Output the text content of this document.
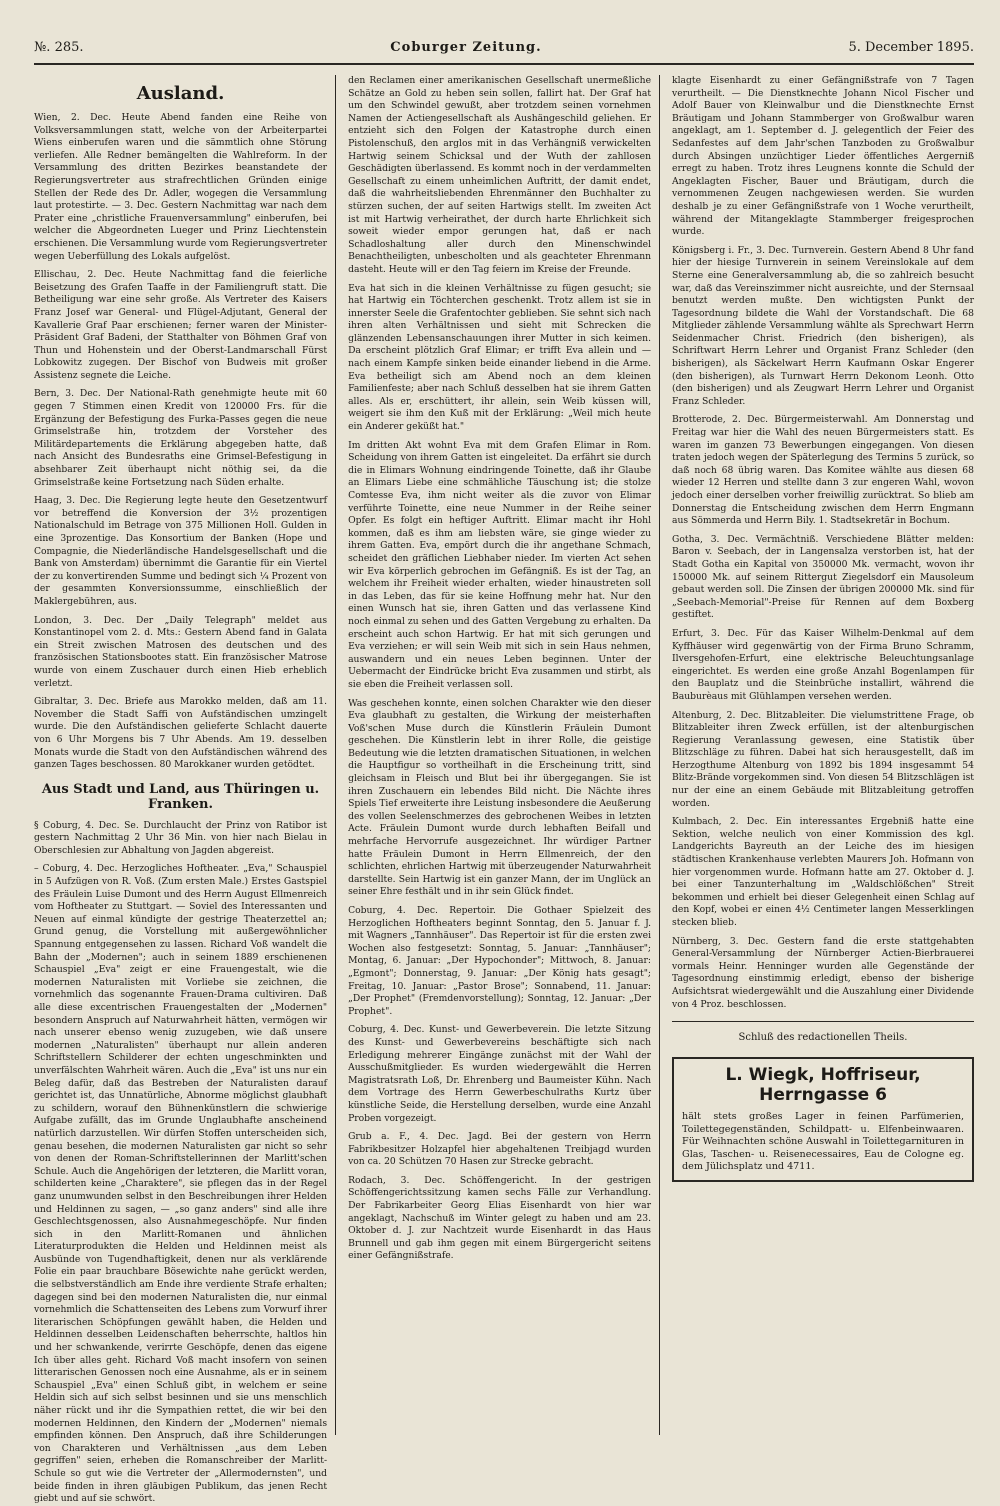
№. 285.	Coburger Zeitung.	5. December 1895.
Ausland.

Wien, 2. Dec. Heute Abend fanden eine Reihe von Volksversammlungen statt, welche von der Arbeiterpartei Wiens einberufen waren und die sämmtlich ohne Störung verliefen. Alle Redner bemängelten die Wahlreform. In der Versammlung des dritten Bezirkes beanstandete der Regierungsvertreter aus strafrechtlichen Gründen einige Stellen der Rede des Dr. Adler, wogegen die Versammlung laut protestirte. — 3. Dec. Gestern Nachmittag war nach dem Prater eine „christliche Frauenversammlung" einberufen, bei welcher die Abgeordneten Lueger und Prinz Liechtenstein erschienen. Die Versammlung wurde vom Regierungsvertreter wegen Ueberfüllung des Lokals aufgelöst.

Ellischau, 2. Dec. Heute Nachmittag fand die feierliche Beisetzung des Grafen Taaffe in der Familiengruft statt. Die Betheiligung war eine sehr große. Als Vertreter des Kaisers Franz Josef war General- und Flügel-Adjutant, General der Kavallerie Graf Paar erschienen; ferner waren der Minister-Präsident Graf Badeni, der Statthalter von Böhmen Graf von Thun und Hohenstein und der Oberst-Landmarschall Fürst Lobkowitz zugegen. Der Bischof von Budweis mit großer Assistenz segnete die Leiche.

Bern, 3. Dec. Der National-Rath genehmigte heute mit 60 gegen 7 Stimmen einen Kredit von 120000 Frs. für die Ergänzung der Befestigung des Furka-Passes gegen die neue Grimselstraße hin, trotzdem der Vorsteher des Militärdepartements die Erklärung abgegeben hatte, daß nach Ansicht des Bundesraths eine Grimsel-Befestigung in absehbarer Zeit überhaupt nicht nöthig sei, da die Grimselstraße keine Fortsetzung nach Süden erhalte.

Haag, 3. Dec. Die Regierung legte heute den Gesetzentwurf vor betreffend die Konversion der 3½ prozentigen Nationalschuld im Betrage von 375 Millionen Holl. Gulden in eine 3prozentige. Das Konsortium der Banken (Hope und Compagnie, die Niederländische Handelsgesellschaft und die Bank von Amsterdam) übernimmt die Garantie für ein Viertel der zu konvertirenden Summe und bedingt sich ¼ Prozent von der gesammten Konversionssumme, einschließlich der Maklergebühren, aus.

London, 3. Dec. Der „Daily Telegraph" meldet aus Konstantinopel vom 2. d. Mts.: Gestern Abend fand in Galata ein Streit zwischen Matrosen des deutschen und des französischen Stationsbootes statt. Ein französischer Matrose wurde von einem Zuschauer durch einen Hieb erheblich verletzt.

Gibraltar, 3. Dec. Briefe aus Marokko melden, daß am 11. November die Stadt Saffi von Aufständischen umzingelt wurde. Die den Aufständischen gelieferte Schlacht dauerte von 6 Uhr Morgens bis 7 Uhr Abends. Am 19. desselben Monats wurde die Stadt von den Aufständischen während des ganzen Tages beschossen. 80 Marokkaner wurden getödtet.

Aus Stadt und Land, aus Thüringen u. Franken.

§ Coburg, 4. Dec. Se. Durchlaucht der Prinz von Ratibor ist gestern Nachmittag 2 Uhr 36 Min. von hier nach Bielau in Oberschlesien zur Abhaltung von Jagden abgereist.

– Coburg, 4. Dec. Herzogliches Hoftheater. „Eva," Schauspiel in 5 Aufzügen von R. Voß. (Zum ersten Male.) Erstes Gastspiel des Fräulein Luise Dumont und des Herrn August Ellmenreich vom Hoftheater zu Stuttgart. — Soviel des Interessanten und Neuen auf einmal kündigte der gestrige Theaterzettel an; Grund genug, die Vorstellung mit außergewöhnlicher Spannung entgegensehen zu lassen. Richard Voß wandelt die Bahn der „Modernen"; auch in seinem 1889 erschienenen Schauspiel „Eva" zeigt er eine Frauengestalt, wie die modernen Naturalisten mit Vorliebe sie zeichnen, die vornehmlich das sogenannte Frauen-Drama cultiviren. Daß alle diese excentrischen Frauengestalten der „Modernen" besondern Anspruch auf Naturwahrheit hätten, vermögen wir nach unserer ebenso wenig zuzugeben, wie daß unsere modernen „Naturalisten" überhaupt nur allein anderen Schriftstellern Schilderer der echten ungeschminkten und unverfälschten Wahrheit wären. Auch die „Eva" ist uns nur ein Beleg dafür, daß das Bestreben der Naturalisten darauf gerichtet ist, das Unnatürliche, Abnorme möglichst glaubhaft zu schildern, worauf den Bühnenkünstlern die schwierige Aufgabe zufällt, das im Grunde Unglaubhafte anscheinend natürlich darzustellen. Wir dürfen Stoffen unterscheiden sich, genau besehen, die modernen Naturalisten gar nicht so sehr von denen der Roman-Schriftstellerinnen der Marlitt'schen Schule. Auch die Angehörigen der letzteren, die Marlitt voran, schilderten keine „Charaktere", sie pflegen das in der Regel ganz unumwunden selbst in den Beschreibungen ihrer Helden und Heldinnen zu sagen, — „so ganz anders" sind alle ihre Geschlechtsgenossen, also Ausnahmegeschöpfe. Nur finden sich in den Marlitt-Romanen und ähnlichen Literaturprodukten die Helden und Heldinnen meist als Ausbünde von Tugendhaftigkeit, denen nur als verklärende Folie ein paar brauchbare Bösewichte nahe gerückt werden, die selbstverständlich am Ende ihre verdiente Strafe erhalten; dagegen sind bei den modernen Naturalisten die, nur einmal vornehmlich die Schattenseiten des Lebens zum Vorwurf ihrer literarischen Schöpfungen gewählt haben, die Helden und Heldinnen desselben Leidenschaften beherrschte, haltlos hin und her schwankende, verirrte Geschöpfe, denen das eigene Ich über alles geht. Richard Voß macht insofern von seinen litterarischen Genossen noch eine Ausnahme, als er in seinem Schauspiel „Eva" einen Schluß gibt, in welchem er seine Heldin sich auf sich selbst besinnen und sie uns menschlich näher rückt und ihr die Sympathien rettet, die wir bei den modernen Heldinnen, den Kindern der „Modernen" niemals empfinden können. Den Anspruch, daß ihre Schilderungen von Charakteren und Verhältnissen „aus dem Leben gegriffen" seien, erheben die Romanschreiber der Marlitt-Schule so gut wie die Vertreter der „Allermodernsten", und beide finden in ihren gläubigen Publikum, das jenen Recht giebt und auf sie schwört.

den Reclamen einer amerikanischen Gesellschaft unermeßliche Schätze an Gold zu heben sein sollen, fallirt hat. Der Graf hat um den Schwindel gewußt, aber trotzdem seinen vornehmen Namen der Actiengesellschaft als Aushängeschild geliehen. Er entzieht sich den Folgen der Katastrophe durch einen Pistolenschuß, den arglos mit in das Verhängniß verwickelten Hartwig seinem Schicksal und der Wuth der zahllosen Geschädigten überlassend. Es kommt noch in der verdammelten Gesellschaft zu einem unheimlichen Auftritt, der damit endet, daß die wahrheitsliebenden Ehrenmänner den Buchhalter zu stürzen suchen, der auf seiten Hartwigs stellt. Im zweiten Act ist mit Hartwig verheirathet, der durch harte Ehrlichkeit sich soweit wieder empor gerungen hat, daß er nach Schadloshaltung aller durch den Minenschwindel Benachtheiligten, unbescholten und als geachteter Ehrenmann dasteht. Heute will er den Tag feiern im Kreise der Freunde.

Eva hat sich in die kleinen Verhältnisse zu fügen gesucht; sie hat Hartwig ein Töchterchen geschenkt. Trotz allem ist sie in innerster Seele die Grafentochter geblieben. Sie sehnt sich nach ihren alten Verhältnissen und sieht mit Schrecken die glänzenden Lebensanschauungen ihrer Mutter in sich keimen. Da erscheint plötzlich Graf Elimar; er trifft Eva allein und — nach einem Kampfe sinken beide einander liebend in die Arme. Eva betheiligt sich am Abend noch an dem kleinen Familienfeste; aber nach Schluß desselben hat sie ihrem Gatten alles. Als er, erschüttert, ihr allein, sein Weib küssen will, weigert sie ihm den Kuß mit der Erklärung: „Weil mich heute ein Anderer geküßt hat."

Im dritten Akt wohnt Eva mit dem Grafen Elimar in Rom. Scheidung von ihrem Gatten ist eingeleitet. Da erfährt sie durch die in Elimars Wohnung eindringende Toinette, daß ihr Glaube an Elimars Liebe eine schmähliche Täuschung ist; die stolze Comtesse Eva, ihm nicht weiter als die zuvor von Elimar verführte Toinette, eine neue Nummer in der Reihe seiner Opfer. Es folgt ein heftiger Auftritt. Elimar macht ihr Hohl kommen, daß es ihm am liebsten wäre, sie ginge wieder zu ihrem Gatten. Eva, empört durch die ihr angethane Schmach, scheidet den gräflichen Liebhaber nieder. Im vierten Act sehen wir Eva körperlich gebrochen im Gefängniß. Es ist der Tag, an welchem ihr Freiheit wieder erhalten, wieder hinaustreten soll in das Leben, das für sie keine Hoffnung mehr hat. Nur den einen Wunsch hat sie, ihren Gatten und das verlassene Kind noch einmal zu sehen und des Gatten Vergebung zu erhalten. Da erscheint auch schon Hartwig. Er hat mit sich gerungen und Eva verziehen; er will sein Weib mit sich in sein Haus nehmen, auswandern und ein neues Leben beginnen. Unter der Uebermacht der Eindrücke bricht Eva zusammen und stirbt, als sie eben die Freiheit verlassen soll.

Was geschehen konnte, einen solchen Charakter wie den dieser Eva glaubhaft zu gestalten, die Wirkung der meisterhaften Voß'schen Muse durch die Künstlerin Fräulein Dumont geschehen. Die Künstlerin lebt in ihrer Rolle, die geistige Bedeutung wie die letzten dramatischen Situationen, in welchen die Hauptfigur so vortheilhaft in die Erscheinung tritt, sind gleichsam in Fleisch und Blut bei ihr übergegangen. Sie ist ihren Zuschauern ein lebendes Bild nicht. Die Nächte ihres Spiels Tief erweiterte ihre Leistung insbesondere die Aeußerung des vollen Seelenschmerzes des gebrochenen Weibes in letzten Acte. Fräulein Dumont wurde durch lebhaften Beifall und mehrfache Hervorrufe ausgezeichnet. Ihr würdiger Partner hatte Fräulein Dumont in Herrn Ellmenreich, der den schlichten, ehrlichen Hartwig mit überzeugender Naturwahrheit darstellte. Sein Hartwig ist ein ganzer Mann, der im Unglück an seiner Ehre festhält und in ihr sein Glück findet.

Coburg, 4. Dec. Repertoir. Die Gothaer Spielzeit des Herzoglichen Hoftheaters beginnt Sonntag, den 5. Januar f. J. mit Wagners „Tannhäuser". Das Repertoir ist für die ersten zwei Wochen also festgesetzt: Sonntag, 5. Januar: „Tannhäuser"; Montag, 6. Januar: „Der Hypochonder"; Mittwoch, 8. Januar: „Egmont"; Donnerstag, 9. Januar: „Der König hats gesagt"; Freitag, 10. Januar: „Pastor Brose"; Sonnabend, 11. Januar: „Der Prophet" (Fremdenvorstellung); Sonntag, 12. Januar: „Der Prophet".

Coburg, 4. Dec. Kunst- und Gewerbeverein. Die letzte Sitzung des Kunst- und Gewerbevereins beschäftigte sich nach Erledigung mehrerer Eingänge zunächst mit der Wahl der Ausschußmitglieder. Es wurden wiedergewählt die Herren Magistratsrath Loß, Dr. Ehrenberg und Baumeister Kühn. Nach dem Vortrage des Herrn Gewerbeschulraths Kurtz über künstliche Seide, die Herstellung derselben, wurde eine Anzahl Proben vorgezeigt.

Grub a. F., 4. Dec. Jagd. Bei der gestern von Herrn Fabrikbesitzer Holzapfel hier abgehaltenen Treibjagd wurden von ca. 20 Schützen 70 Hasen zur Strecke gebracht.

Rodach, 3. Dec. Schöffengericht. In der gestrigen Schöffengerichtssitzung kamen sechs Fälle zur Verhandlung. Der Fabrikarbeiter Georg Elias Eisenhardt von hier war angeklagt, Nachschuß im Winter gelegt zu haben und am 23. Oktober d. J. zur Nachtzeit wurde Eisenhardt in das Haus Brunnell und gab ihm gegen mit einem Bürgergericht seitens einer Gefängnißstrafe.

klagte Eisenhardt zu einer Gefängnißstrafe von 7 Tagen verurtheilt. — Die Dienstknechte Johann Nicol Fischer und Adolf Bauer von Kleinwalbur und die Dienstknechte Ernst Bräutigam und Johann Stammberger von Großwalbur waren angeklagt, am 1. September d. J. gelegentlich der Feier des Sedanfestes auf dem Jahr'schen Tanzboden zu Großwalbur durch Absingen unzüchtiger Lieder öffentliches Aergerniß erregt zu haben. Trotz ihres Leugnens konnte die Schuld der Angeklagten Fischer, Bauer und Bräutigam, durch die vernommenen Zeugen nachgewiesen werden. Sie wurden deshalb je zu einer Gefängnißstrafe von 1 Woche verurtheilt, während der Mitangeklagte Stammberger freigesprochen wurde.

Königsberg i. Fr., 3. Dec. Turnverein. Gestern Abend 8 Uhr fand hier der hiesige Turnverein in seinem Vereinslokale auf dem Sterne eine Generalversammlung ab, die so zahlreich besucht war, daß das Vereinszimmer nicht ausreichte, und der Sternsaal benutzt werden mußte. Den wichtigsten Punkt der Tagesordnung bildete die Wahl der Vorstandschaft. Die 68 Mitglieder zählende Versammlung wählte als Sprechwart Herrn Seidenmacher Christ. Friedrich (den bisherigen), als Schriftwart Herrn Lehrer und Organist Franz Schleder (den bisherigen), als Säckelwart Herrn Kaufmann Oskar Engerer (den bisherigen), als Turnwart Herrn Dekonom Leonh. Otto (den bisherigen) und als Zeugwart Herrn Lehrer und Organist Franz Schleder.

Brotterode, 2. Dec. Bürgermeisterwahl. Am Donnerstag und Freitag war hier die Wahl des neuen Bürgermeisters statt. Es waren im ganzen 73 Bewerbungen eingegangen. Von diesen traten jedoch wegen der Späterlegung des Termins 5 zurück, so daß noch 68 übrig waren. Das Komitee wählte aus diesen 68 wieder 12 Herren und stellte dann 3 zur engeren Wahl, wovon jedoch einer derselben vorher freiwillig zurücktrat. So blieb am Donnerstag die Entscheidung zwischen dem Herrn Engmann aus Sömmerda und Herrn Bily. 1. Stadtsekretär in Bochum.

Gotha, 3. Dec. Vermächtniß. Verschiedene Blätter melden: Baron v. Seebach, der in Langensalza verstorben ist, hat der Stadt Gotha ein Kapital von 350000 Mk. vermacht, wovon ihr 150000 Mk. auf seinem Rittergut Ziegelsdorf ein Mausoleum gebaut werden soll. Die Zinsen der übrigen 200000 Mk. sind für „Seebach-Memorial"-Preise für Rennen auf dem Boxberg gestiftet.

Erfurt, 3. Dec. Für das Kaiser Wilhelm-Denkmal auf dem Kyffhäuser wird gegenwärtig von der Firma Bruno Schramm, Ilversgehofen-Erfurt, eine elektrische Beleuchtungsanlage eingerichtet. Es werden eine große Anzahl Bogenlampen für den Bauplatz und die Steinbrüche installirt, während die Bauburèaus mit Glühlampen versehen werden.

Altenburg, 2. Dec. Blitzableiter. Die vielumstrittene Frage, ob Blitzableiter ihren Zweck erfüllen, ist der altenburgischen Regierung Veranlassung gewesen, eine Statistik über Blitzschläge zu führen. Dabei hat sich herausgestellt, daß im Herzogthume Altenburg von 1892 bis 1894 insgesammt 54 Blitz-Brände vorgekommen sind. Von diesen 54 Blitzschlägen ist nur der eine an einem Gebäude mit Blitzableitung getroffen worden.

Kulmbach, 2. Dec. Ein interessantes Ergebniß hatte eine Sektion, welche neulich von einer Kommission des kgl. Landgerichts Bayreuth an der Leiche des im hiesigen städtischen Krankenhause verlebten Maurers Joh. Hofmann von hier vorgenommen wurde. Hofmann hatte am 27. Oktober d. J. bei einer Tanzunterhaltung im „Waldschlößchen" Streit bekommen und erhielt bei dieser Gelegenheit einen Schlag auf den Kopf, wobei er einen 4½ Centimeter langen Messerklingen stecken blieb.

Nürnberg, 3. Dec. Gestern fand die erste stattgehabten General-Versammlung der Nürnberger Actien-Bierbrauerei vormals Heinr. Henninger wurden alle Gegenstände der Tagesordnung einstimmig erledigt, ebenso der bisherige Aufsichtsrat wiedergewählt und die Auszahlung einer Dividende von 4 Proz. beschlossen.

Schluß des redactionellen Theils.
L. Wiegk, Hoffriseur, Herrngasse 6

hält stets großes Lager in feinen Parfümerien, Toilettegegenständen, Schildpatt- u. Elfenbeinwaaren. Für Weihnachten schöne Auswahl in Toilettegarnituren in Glas, Taschen- u. Reisenecessaires, Eau de Cologne eg. dem Jülichsplatz und 4711.
